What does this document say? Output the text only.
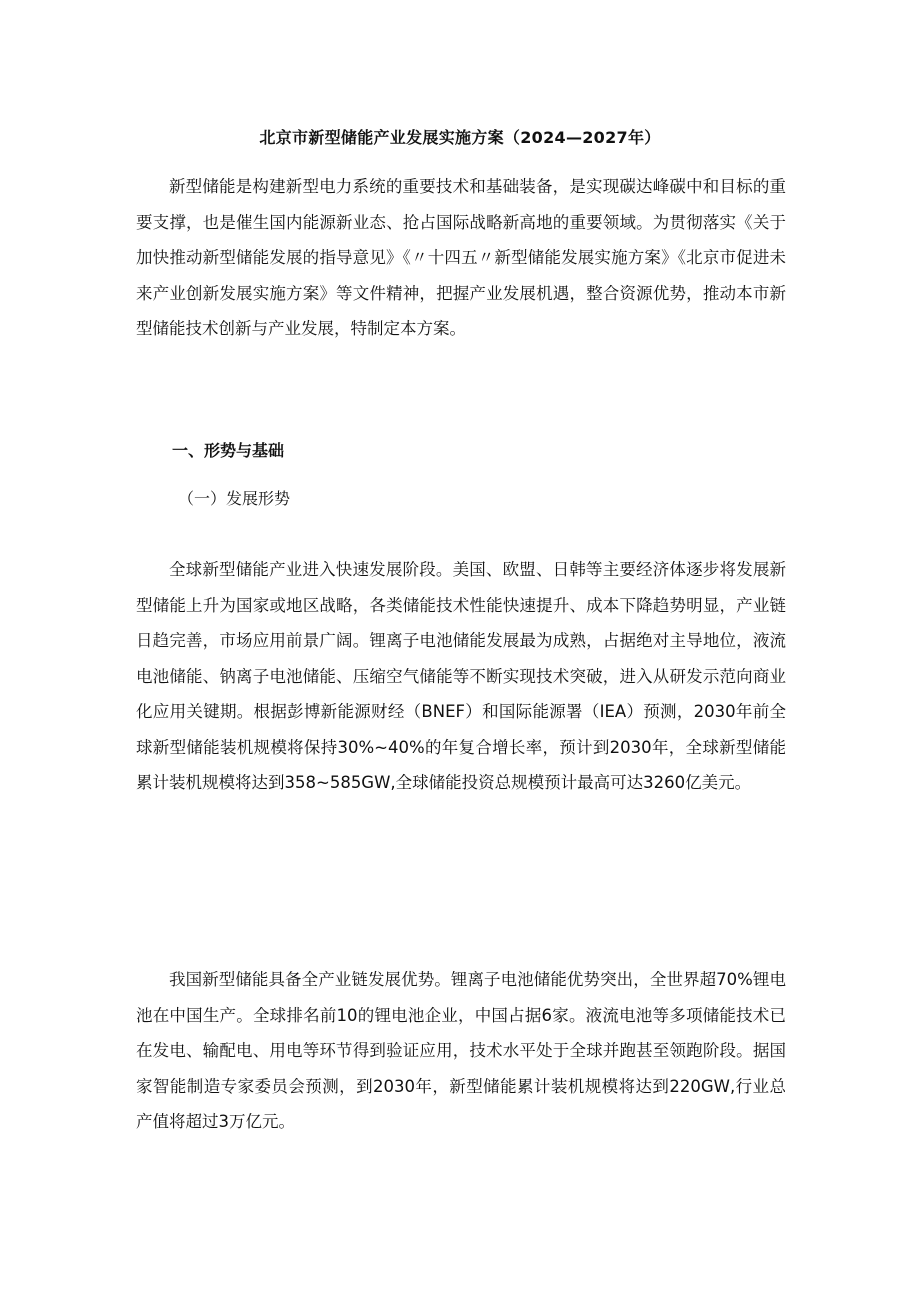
北京市新型储能产业发展实施方案（2024—2027年）

新型储能是构建新型电力系统的重要技术和基础装备，是实现碳达峰碳中和目标的重要支撑，也是催生国内能源新业态、抢占国际战略新高地的重要领域。为贯彻落实《关于加快推动新型储能发展的指导意见》《〃十四五〃新型储能发展实施方案》《北京市促进未来产业创新发展实施方案》等文件精神，把握产业发展机遇，整合资源优势，推动本市新型储能技术创新与产业发展，特制定本方案。

一、形势与基础
（一）发展形势

全球新型储能产业进入快速发展阶段。美国、欧盟、日韩等主要经济体逐步将发展新型储能上升为国家或地区战略，各类储能技术性能快速提升、成本下降趋势明显，产业链日趋完善，市场应用前景广阔。锂离子电池储能发展最为成熟，占据绝对主导地位，液流电池储能、钠离子电池储能、压缩空气储能等不断实现技术突破，进入从研发示范向商业化应用关键期。根据彭博新能源财经（BNEF）和国际能源署（IEA）预测，2030年前全球新型储能装机规模将保持30%~40%的年复合增长率，预计到2030年，全球新型储能累计装机规模将达到358~585GW,全球储能投资总规模预计最高可达3260亿美元。

我国新型储能具备全产业链发展优势。锂离子电池储能优势突出，全世界超70%锂电池在中国生产。全球排名前10的锂电池企业，中国占据6家。液流电池等多项储能技术已在发电、输配电、用电等环节得到验证应用，技术水平处于全球并跑甚至领跑阶段。据国家智能制造专家委员会预测，到2030年，新型储能累计装机规模将达到220GW,行业总产值将超过3万亿元。
